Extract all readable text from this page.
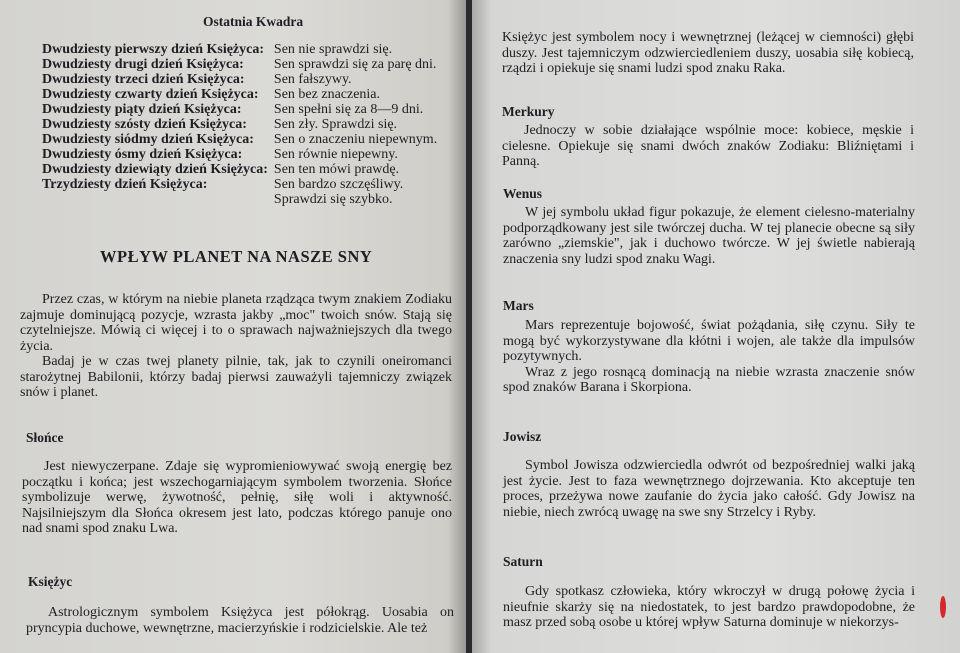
Ostatnia Kwadra
Dwudziesty pierwszy dzień Księżyca:	Sen nie sprawdzi się.
Dwudziesty drugi dzień Księżyca:	Sen sprawdzi się za parę dni.
Dwudziesty trzeci dzień Księżyca:	Sen fałszywy.
Dwudziesty czwarty dzień Księżyca:	Sen bez znaczenia.
Dwudziesty piąty dzień Księżyca:	Sen spełni się za 8—9 dni.
Dwudziesty szósty dzień Księżyca:	Sen zły. Sprawdzi się.
Dwudziesty siódmy dzień Księżyca:	Sen o znaczeniu niepewnym.
Dwudziesty ósmy dzień Księżyca:	Sen równie niepewny.
Dwudziesty dziewiąty dzień Księżyca:	Sen ten mówi prawdę.
Trzydziesty dzień Księżyca:	Sen bardzo szczęśliwy. Sprawdzi się szybko.
WPŁYW PLANET NA NASZE SNY

Przez czas, w którym na niebie planeta rządząca twym znakiem Zodiaku zajmuje dominującą pozycje, wzrasta jakby „moc" twoich snów. Stają się czytelniejsze. Mówią ci więcej i to o sprawach najważniejszych dla twego życia.

Badaj je w czas twej planety pilnie, tak, jak to czynili oneiromanci starożytnej Babilonii, którzy badaj pierwsi zauważyli tajemniczy związek snów i planet.

Słońce

Jest niewyczerpane. Zdaje się wypromieniowywać swoją energię bez początku i końca; jest wszechogarniającym symbolem tworzenia. Słońce symbolizuje werwę, żywotność, pełnię, siłę woli i aktywność. Najsilniejszym dla Słońca okresem jest lato, podczas którego panuje ono nad snami spod znaku Lwa.

Księżyc

Astrologicznym symbolem Księżyca jest półokrąg. Uosabia on pryncypia duchowe, wewnętrzne, macierzyńskie i rodzicielskie. Ale też

Księżyc jest symbolem nocy i wewnętrznej (leżącej w ciemności) głębi duszy. Jest tajemniczym odzwierciedleniem duszy, uosabia siłę kobiecą, rządzi i opiekuje się snami ludzi spod znaku Raka.

Merkury

Jednoczy w sobie działające wspólnie moce: kobiece, męskie i cielesne. Opiekuje się snami dwóch znaków Zodiaku: Bliźniętami i Panną.

Wenus

W jej symbolu układ figur pokazuje, że element cielesno-materialny podporządkowany jest sile twórczej ducha. W tej planecie obecne są siły zarówno „ziemskie", jak i duchowo twórcze. W jej świetle nabierają znaczenia sny ludzi spod znaku Wagi.

Mars

Mars reprezentuje bojowość, świat pożądania, siłę czynu. Siły te mogą być wykorzystywane dla kłótni i wojen, ale także dla impulsów pozytywnych.

Wraz z jego rosnącą dominacją na niebie wzrasta znaczenie snów spod znaków Barana i Skorpiona.

Jowisz

Symbol Jowisza odzwierciedla odwrót od bezpośredniej walki jaką jest życie. Jest to faza wewnętrznego dojrzewania. Kto akceptuje ten proces, przeżywa nowe zaufanie do życia jako całość. Gdy Jowisz na niebie, niech zwrócą uwagę na swe sny Strzelcy i Ryby.

Saturn

Gdy spotkasz człowieka, który wkroczył w drugą połowę życia i nieufnie skarży się na niedostatek, to jest bardzo prawdopodobne, że masz przed sobą osobe u której wpływ Saturna dominuje w niekorzys-
